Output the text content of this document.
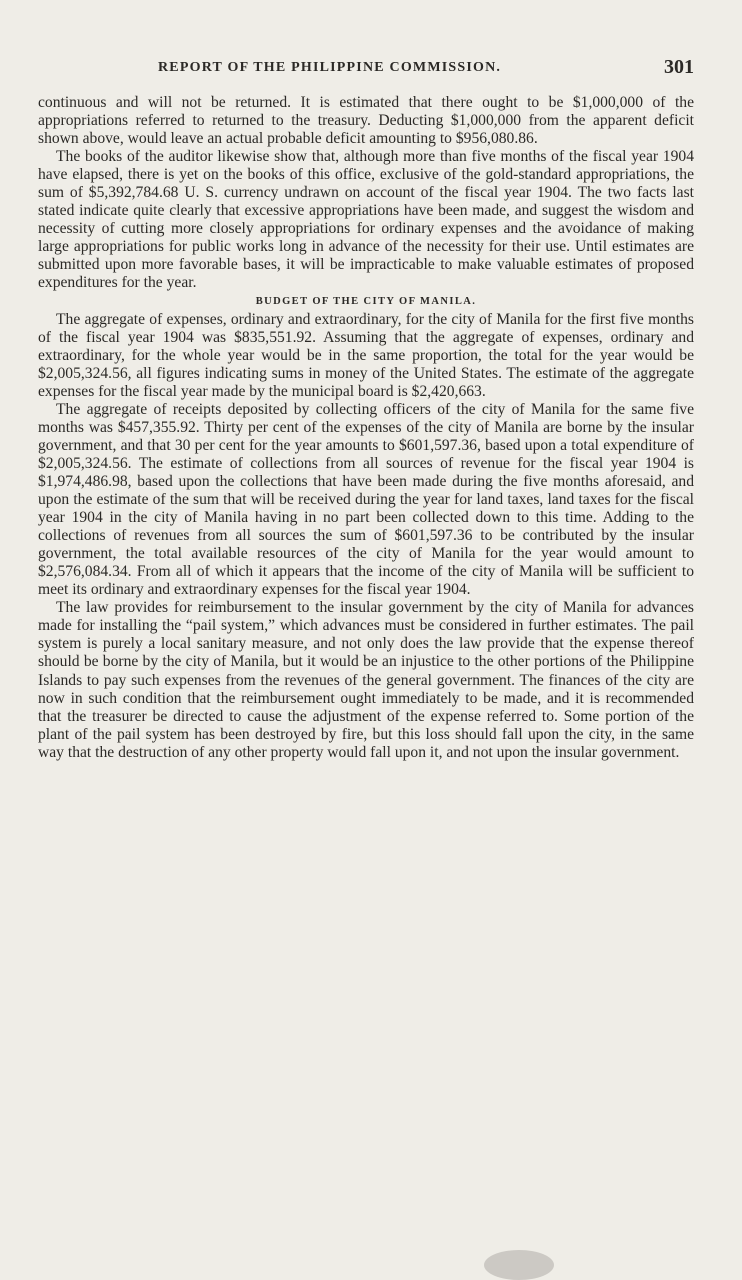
REPORT OF THE PHILIPPINE COMMISSION.	301

continuous and will not be returned. It is estimated that there ought to be $1,000,000 of the appropriations referred to returned to the treasury. Deducting $1,000,000 from the apparent deficit shown above, would leave an actual probable deficit amounting to $956,080.86.

The books of the auditor likewise show that, although more than five months of the fiscal year 1904 have elapsed, there is yet on the books of this office, exclusive of the gold-standard appropriations, the sum of $5,392,784.68 U. S. currency undrawn on account of the fiscal year 1904. The two facts last stated indicate quite clearly that excessive appropriations have been made, and suggest the wisdom and necessity of cutting more closely appropriations for ordinary expenses and the avoidance of making large appropriations for public works long in advance of the necessity for their use. Until estimates are submitted upon more favorable bases, it will be impracticable to make valuable estimates of proposed expenditures for the year.

BUDGET OF THE CITY OF MANILA.

The aggregate of expenses, ordinary and extraordinary, for the city of Manila for the first five months of the fiscal year 1904 was $835,551.92. Assuming that the aggregate of expenses, ordinary and extraordinary, for the whole year would be in the same proportion, the total for the year would be $2,005,324.56, all figures indicating sums in money of the United States. The estimate of the aggregate expenses for the fiscal year made by the municipal board is $2,420,663.

The aggregate of receipts deposited by collecting officers of the city of Manila for the same five months was $457,355.92. Thirty per cent of the expenses of the city of Manila are borne by the insular government, and that 30 per cent for the year amounts to $601,597.36, based upon a total expenditure of $2,005,324.56. The estimate of collections from all sources of revenue for the fiscal year 1904 is $1,974,486.98, based upon the collections that have been made during the five months aforesaid, and upon the estimate of the sum that will be received during the year for land taxes, land taxes for the fiscal year 1904 in the city of Manila having in no part been collected down to this time. Adding to the collections of revenues from all sources the sum of $601,597.36 to be contributed by the insular government, the total available resources of the city of Manila for the year would amount to $2,576,084.34. From all of which it appears that the income of the city of Manila will be sufficient to meet its ordinary and extraordinary expenses for the fiscal year 1904.

The law provides for reimbursement to the insular government by the city of Manila for advances made for installing the “pail system,” which advances must be considered in further estimates. The pail system is purely a local sanitary measure, and not only does the law provide that the expense thereof should be borne by the city of Manila, but it would be an injustice to the other portions of the Philippine Islands to pay such expenses from the revenues of the general government. The finances of the city are now in such condition that the reimbursement ought immediately to be made, and it is recommended that the treasurer be directed to cause the adjustment of the expense referred to. Some portion of the plant of the pail system has been destroyed by fire, but this loss should fall upon the city, in the same way that the destruction of any other property would fall upon it, and not upon the insular government.
